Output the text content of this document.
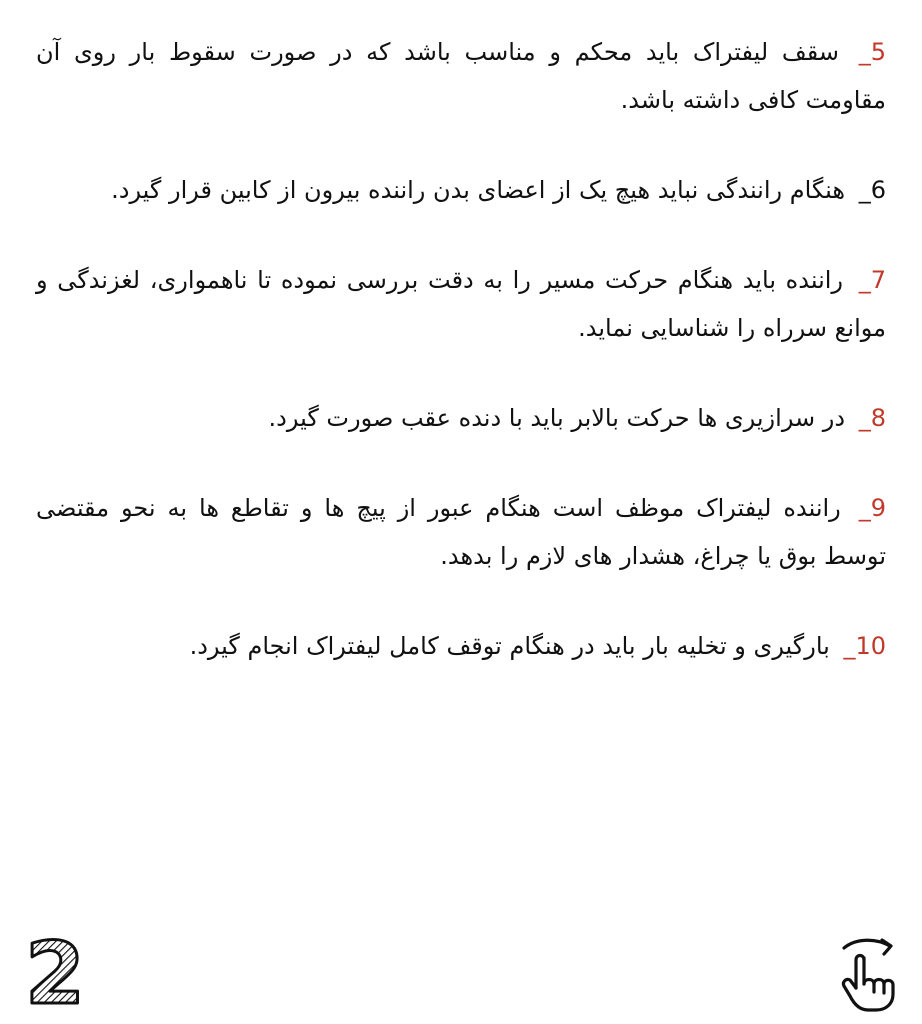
5_ سقف لیفتراک باید محکم و مناسب باشد که در صورت سقوط بار روی آن مقاومت کافی داشته باشد.

6_ هنگام رانندگی نباید هیچ یک از اعضای بدن راننده بیرون از کابین قرار گیرد.

7_ راننده باید هنگام حرکت مسیر را به دقت بررسی نموده تا ناهمواری، لغزندگی و موانع سرراه را شناسایی نماید.

8_ در سرازیری ها حرکت بالابر باید با دنده عقب صورت گیرد.

9_ راننده لیفتراک موظف است هنگام عبور از پیچ ها و تقاطع ها به نحو مقتضی توسط بوق یا چراغ، هشدار های لازم را بدهد.

10_ بارگیری و تخلیه بار باید در هنگام توقف کامل لیفتراک انجام گیرد.

2
